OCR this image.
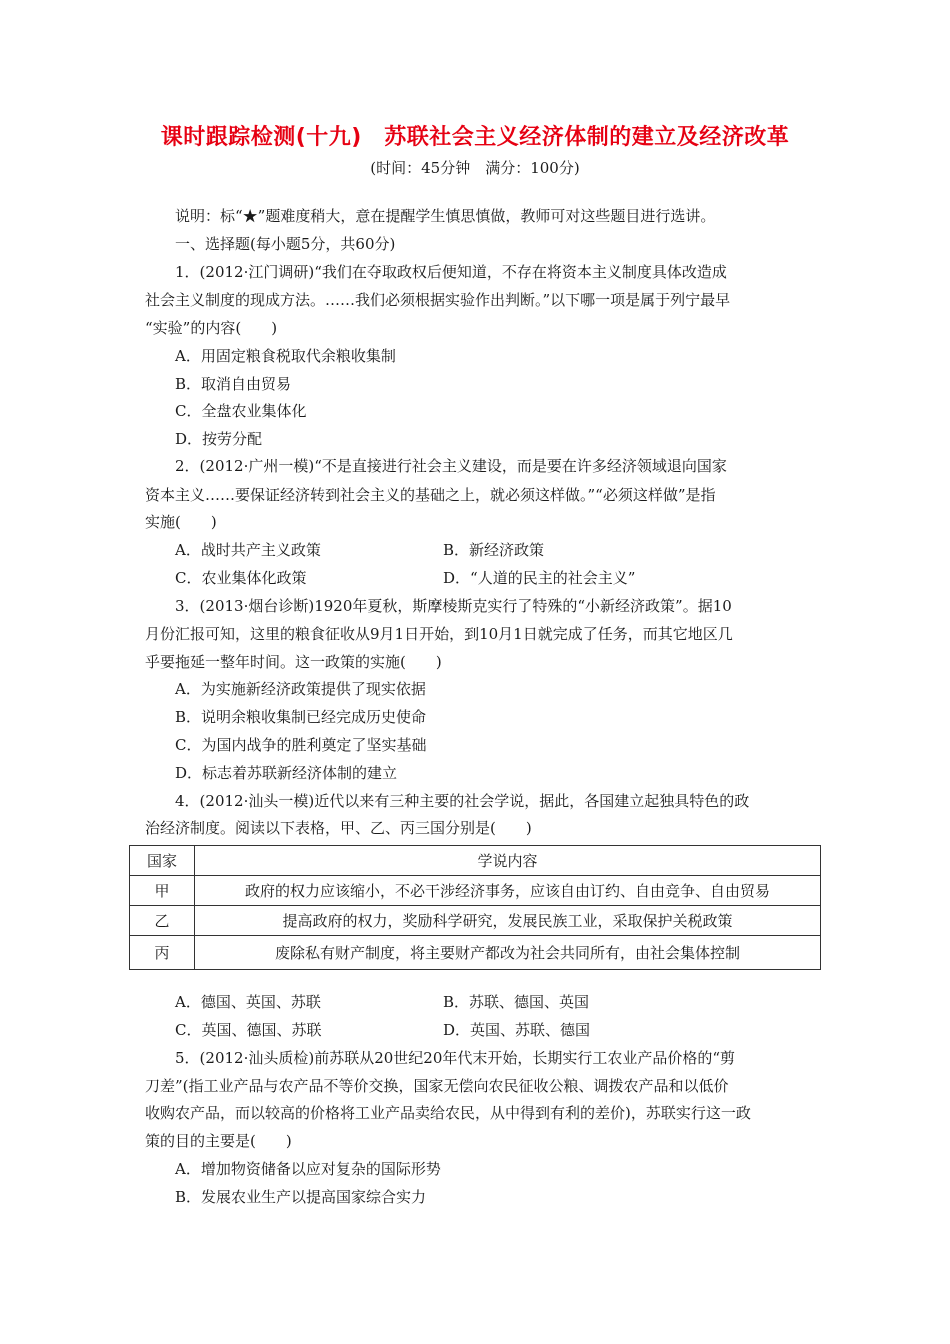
课时跟踪检测(十九)　苏联社会主义经济体制的建立及经济改革
(时间：45分钟　满分：100分)
说明：标“★”题难度稍大，意在提醒学生慎思慎做，教师可对这些题目进行选讲。
一、选择题(每小题5分，共60分)
1．(2012·江门调研)“我们在夺取政权后便知道，不存在将资本主义制度具体改造成
社会主义制度的现成方法。……我们必须根据实验作出判断。”以下哪一项是属于列宁最早
“实验”的内容(　　)
A．用固定粮食税取代余粮收集制
B．取消自由贸易
C．全盘农业集体化
D．按劳分配
2．(2012·广州一模)“不是直接进行社会主义建设，而是要在许多经济领域退向国家
资本主义……要保证经济转到社会主义的基础之上，就必须这样做。”“必须这样做”是指
实施(　　)
A．战时共产主义政策	B．新经济政策
C．农业集体化政策	D．“人道的民主的社会主义”
3．(2013·烟台诊断)1920年夏秋，斯摩棱斯克实行了特殊的“小新经济政策”。据10
月份汇报可知，这里的粮食征收从9月1日开始，到10月1日就完成了任务，而其它地区几
乎要拖延一整年时间。这一政策的实施(　　)
A．为实施新经济政策提供了现实依据
B．说明余粮收集制已经完成历史使命
C．为国内战争的胜利奠定了坚实基础
D．标志着苏联新经济体制的建立
4．(2012·汕头一模)近代以来有三种主要的社会学说，据此，各国建立起独具特色的政
治经济制度。阅读以下表格，甲、乙、丙三国分别是(　　)
国家	学说内容
甲	政府的权力应该缩小，不必干涉经济事务，应该自由订约、自由竞争、自由贸易
乙	提高政府的权力，奖励科学研究，发展民族工业，采取保护关税政策
丙	废除私有财产制度，将主要财产都改为社会共同所有，由社会集体控制
A．德国、英国、苏联	B．苏联、德国、英国
C．英国、德国、苏联	D．英国、苏联、德国
5．(2012·汕头质检)前苏联从20世纪20年代末开始，长期实行工农业产品价格的“剪
刀差”(指工业产品与农产品不等价交换，国家无偿向农民征收公粮、调拨农产品和以低价
收购农产品，而以较高的价格将工业产品卖给农民，从中得到有利的差价)，苏联实行这一政
策的目的主要是(　　)
A．增加物资储备以应对复杂的国际形势
B．发展农业生产以提高国家综合实力
